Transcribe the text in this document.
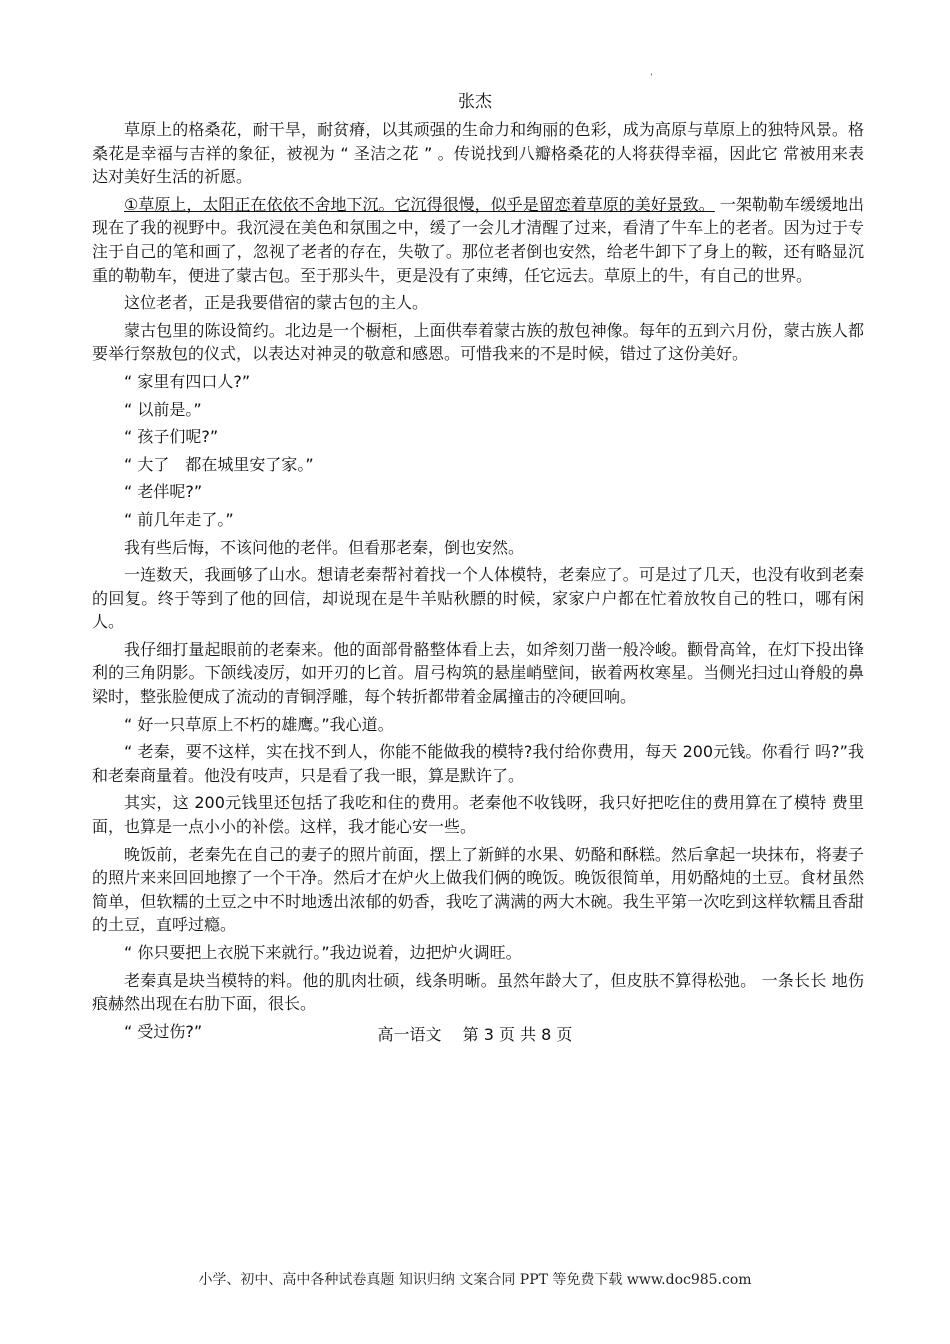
'
张杰

草原上的格桑花，耐干旱，耐贫瘠，以其顽强的生命力和绚丽的色彩，成为高原与草原上的独特风景。格桑花是幸福与吉祥的象征，被视为 “ 圣洁之花 ” 。传说找到八瓣格桑花的人将获得幸福，因此它 常被用来表达对美好生活的祈愿。

①草原上，太阳正在依依不舍地下沉。它沉得很慢，似乎是留恋着草原的美好景致。 一架勒勒车缓缓地出现在了我的视野中。我沉浸在美色和氛围之中，缓了一会儿才清醒了过来，看清了牛车上的老者。因为过于专注于自己的笔和画了，忽视了老者的存在，失敬了。那位老者倒也安然，给老牛卸下了身上的鞍，还有略显沉重的勒勒车，便进了蒙古包。至于那头牛，更是没有了束缚，任它远去。草原上的牛，有自己的世界。

这位老者，正是我要借宿的蒙古包的主人。

蒙古包里的陈设简约。北边是一个橱柜，上面供奉着蒙古族的敖包神像。每年的五到六月份，蒙古族人都要举行祭敖包的仪式，以表达对神灵的敬意和感恩。可惜我来的不是时候，错过了这份美好。

“ 家里有四口人?”

“ 以前是。”

“ 孩子们呢?”

“ 大了　都在城里安了家。”

“ 老伴呢?”

“ 前几年走了。”

我有些后悔，不该问他的老伴。但看那老秦，倒也安然。

一连数天，我画够了山水。想请老秦帮衬着找一个人体模特，老秦应了。可是过了几天，也没有收到老秦的回复。终于等到了他的回信，却说现在是牛羊贴秋膘的时候，家家户户都在忙着放牧自己的牲口，哪有闲人。

我仔细打量起眼前的老秦来。他的面部骨骼整体看上去，如斧刻刀凿一般冷峻。颧骨高耸，在灯下投出锋利的三角阴影。下颌线凌厉，如开刃的匕首。眉弓构筑的悬崖峭壁间，嵌着两枚寒星。当侧光扫过山脊般的鼻梁时，整张脸便成了流动的青铜浮雕，每个转折都带着金属撞击的冷硬回响。

“ 好一只草原上不朽的雄鹰。”我心道。

“ 老秦，要不这样，实在找不到人，你能不能做我的模特?我付给你费用，每天 200元钱。你看行 吗?”我和老秦商量着。他没有吱声，只是看了我一眼，算是默许了。

其实，这 200元钱里还包括了我吃和住的费用。老秦他不收钱呀，我只好把吃住的费用算在了模特 费里面，也算是一点小小的补偿。这样，我才能心安一些。

晚饭前，老秦先在自己的妻子的照片前面，摆上了新鲜的水果、奶酪和酥糕。然后拿起一块抹布，将妻子的照片来来回回地擦了一个干净。然后才在炉火上做我们俩的晚饭。晚饭很简单，用奶酪炖的土豆。食材虽然简单，但软糯的土豆之中不时地透出浓郁的奶香，我吃了满满的两大木碗。我生平第一次吃到这样软糯且香甜的土豆，直呼过瘾。

“ 你只要把上衣脱下来就行。”我边说着，边把炉火调旺。

老秦真是块当模特的料。他的肌肉壮硕，线条明晰。虽然年龄大了，但皮肤不算得松弛。 一条长长 地伤痕赫然出现在右肋下面，很长。

“ 受过伤?”	高一语文　 第 3 页 共 8 页
小学、初中、高中各种试卷真题 知识归纳 文案合同 PPT 等免费下载 www.doc985.com
